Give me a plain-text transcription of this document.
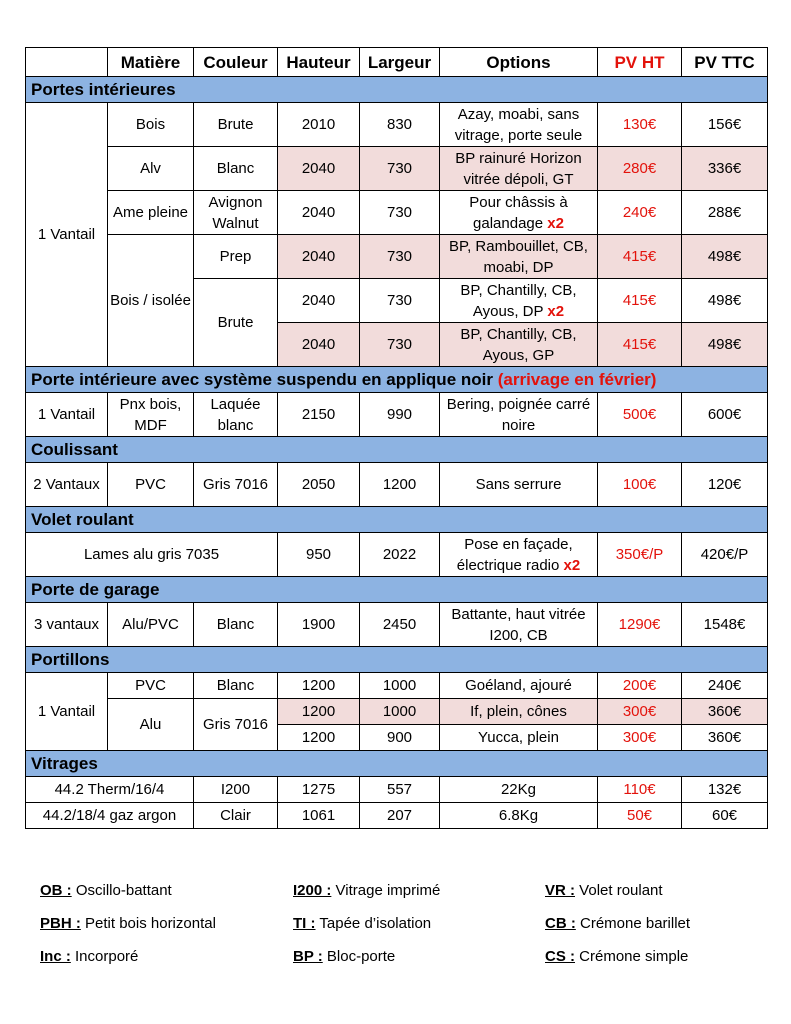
	Matière	Couleur	Hauteur	Largeur	Options	PV HT	PV TTC
Portes intérieures							
1 Vantail	Bois	Brute	2010	830	Azay, moabi, sans vitrage, porte seule	130€	156€
	Alv	Blanc	2040	730	BP rainuré Horizon vitrée dépoli, GT	280€	336€
	Ame pleine	Avignon Walnut	2040	730	Pour châssis à galandage x2	240€	288€
	Bois / isolée	Prep	2040	730	BP, Rambouillet, CB, moabi, DP	415€	498€
		Brute	2040	730	BP, Chantilly, CB, Ayous, DP x2	415€	498€
			2040	730	BP, Chantilly, CB, Ayous, GP	415€	498€
Porte intérieure avec système suspendu en applique noir (arrivage en février)							
1 Vantail	Pnx bois, MDF	Laquée blanc	2150	990	Bering, poignée carré noire	500€	600€
Coulissant							
2 Vantaux	PVC	Gris 7016	2050	1200	Sans serrure	100€	120€
Volet roulant							
Lames alu gris 7035			950	2022	Pose en façade, électrique radio x2	350€/P	420€/P
Porte de garage							
3 vantaux	Alu/PVC	Blanc	1900	2450	Battante, haut vitrée I200, CB	1290€	1548€
Portillons							
1 Vantail	PVC	Blanc	1200	1000	Goéland, ajouré	200€	240€
	Alu	Gris 7016	1200	1000	If, plein, cônes	300€	360€
			1200	900	Yucca, plein	300€	360€
Vitrages							
44.2 Therm/16/4		I200	1275	557	22Kg	110€	132€
44.2/18/4 gaz argon		Clair	1061	207	6.8Kg	50€	60€
OB : Oscillo-battant	I200 : Vitrage imprimé	VR : Volet roulant
PBH : Petit bois horizontal	TI : Tapée d’isolation	CB : Crémone barillet
Inc : Incorporé	BP : Bloc-porte	CS : Crémone simple
